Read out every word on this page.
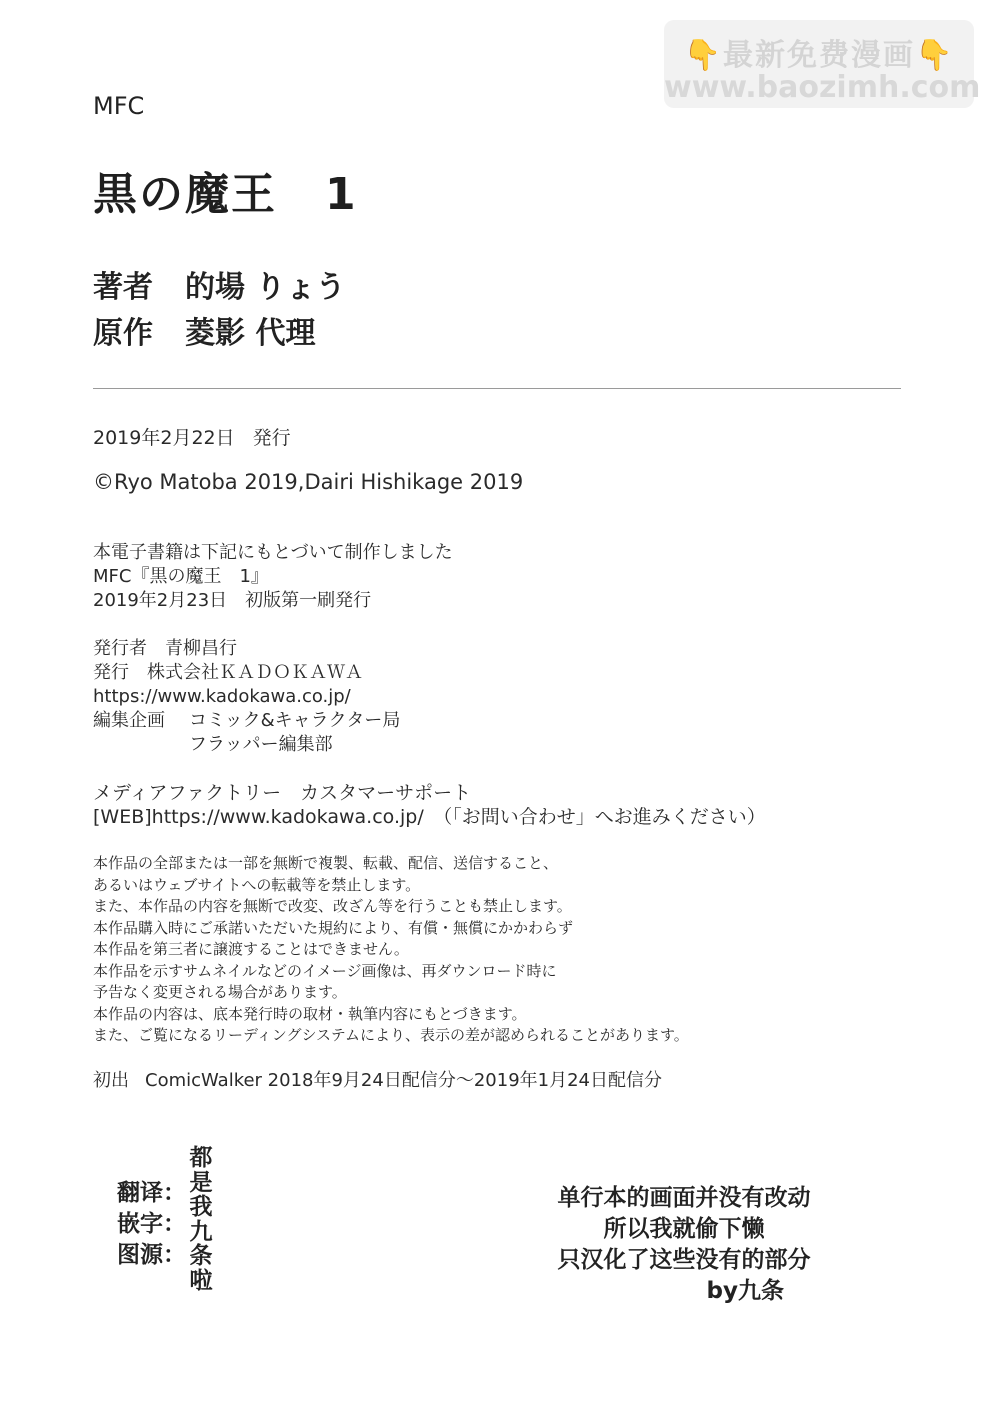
👇最新免费漫画👇
www.baozimh.com
MFC
黒の魔王 1
著者 的場 りょう
原作 菱影 代理
2019年2月22日 発行
©Ryo Matoba 2019,Dairi Hishikage 2019
本電子書籍は下記にもとづいて制作しました
MFC『黒の魔王　1』
2019年2月23日　初版第一刷発行
発行者　 青柳昌行
発行　 株式会社ＫＡＤＯＫＡＷＡ
https://www.kadokawa.co.jp/
編集企画 コミック&キャラクター局
フラッパー編集部
メディアファクトリー　カスタマーサポート
[WEB]https://www.kadokawa.co.jp/　（「お問い合わせ」へお進みください）
本作品の全部または一部を無断で複製、転載、配信、送信すること、
あるいはウェブサイトへの転載等を禁止します。
また、本作品の内容を無断で改変、改ざん等を行うことも禁止します。
本作品購入時にご承諾いただいた規約により、有償・無償にかかわらず
本作品を第三者に譲渡することはできません。
本作品を示すサムネイルなどのイメージ画像は、再ダウンロード時に
予告なく変更される場合があります。
本作品の内容は、底本発行時の取材・執筆内容にもとづきます。
また、ご覧になるリーディングシステムにより、表示の差が認められることがあります。
初出 ComicWalker 2018年9月24日配信分～2019年1月24日配信分
翻译：
嵌字：
图源：
都
是
我
九
条
啦
单行本的画面并没有改动
所以我就偷下懒
只汉化了这些没有的部分
by九条
